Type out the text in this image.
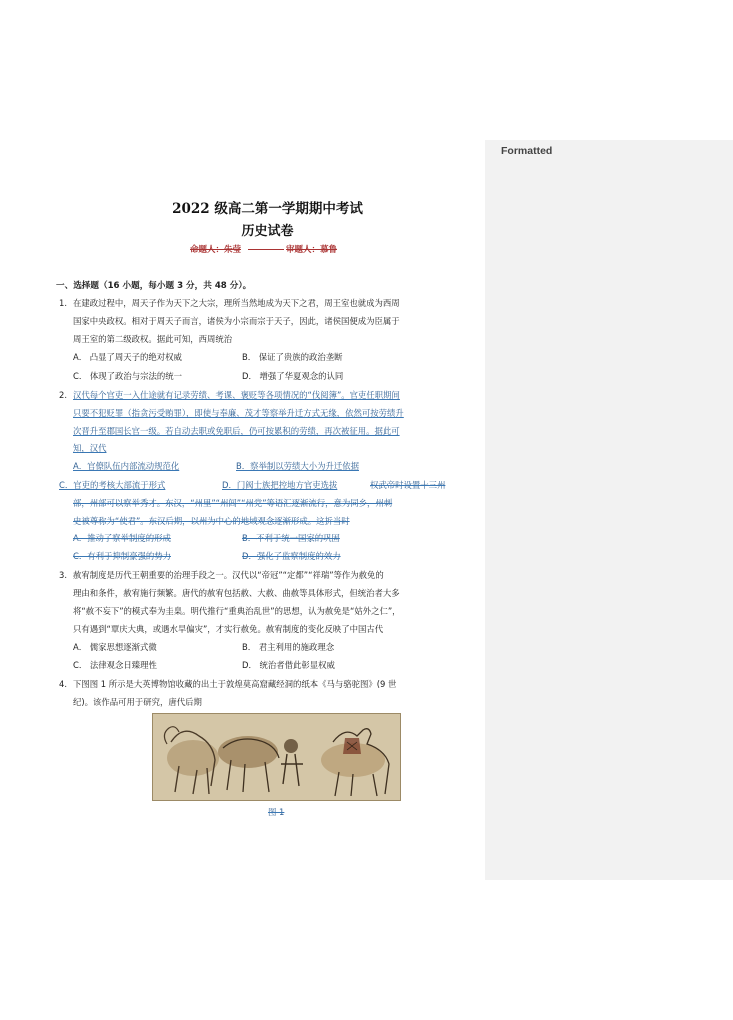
2022 级高二第一学期期中考试
历史试卷
命题人：朱莹	审题人：慕鲁
一、选择题（16 小题，每小题 3 分，共 48 分）。
1. 在建政过程中，周天子作为天下之大宗，理所当然地成为天下之君，周王室也就成为西周
国家中央政权。相对于周天子而言，诸侯为小宗而宗于天子，因此，诸侯国便成为臣属于
周王室的第二级政权。据此可知，西周统治
A． 凸显了周天子的绝对权威	B． 保证了贵族的政治垄断
C． 体现了政治与宗法的统一	D． 增强了华夏观念的认同
2. 汉代每个官吏一入仕途就有记录劳绩、考课、褒贬等各项情况的“伐阅簿”。官吏任职期间
只要不犯贬罪（指贪污受贿罪），即使与奉廉、茂才等察举升迁方式无缘，依然可按劳绩升
次晋升至郡国长官一级。若自动去职或免职后，仍可按累积的劳绩，再次被征用。据此可
知，汉代
A．官僚队伍内部流动规范化	B．察举制以劳绩大小为升迁依据
C．官吏的考核大部流于形式	D．门阀士族把控地方官吏选拔	权武帝时设置十三州
部，州部可以察举秀才。东汉，“州里”“州闾”“州党”等语汇逐渐流行，意为同乡，州刺
史被尊称为“使君”。东汉后期，以州为中心的地域观念逐渐形成。这折当时
A．推动了察举制度的形成	B．不利于统一国家的巩固
C．有利于抑制豪强的势力	D．强化了监察制度的效力
3. 赦宥制度是历代王朝重要的治理手段之一。汉代以“帝冠”“定都”“祥瑞”等作为赦免的
理由和条件，赦宥施行频繁。唐代的赦宥包括赦、大赦、曲赦等具体形式，但统治者大多
将“赦不妄下”的模式奉为圭臬。明代推行“重典治乱世”的思想，认为赦免是“姑外之仁”，
只有遇到“覃庆大典，或遇水旱偏灾”，才实行赦免。赦宥制度的变化反映了中国古代
A． 儒家思想逐渐式微	B． 君主利用的施政理念
C． 法律观念日臻理性	D． 统治者借此彰显权威
4. 下图图 1 所示是大英博物馆收藏的出土于敦煌莫高窟藏经洞的纸本《马与骆驼图》(9 世
纪)。该作品可用于研究，唐代后期
图 1
Formatted
